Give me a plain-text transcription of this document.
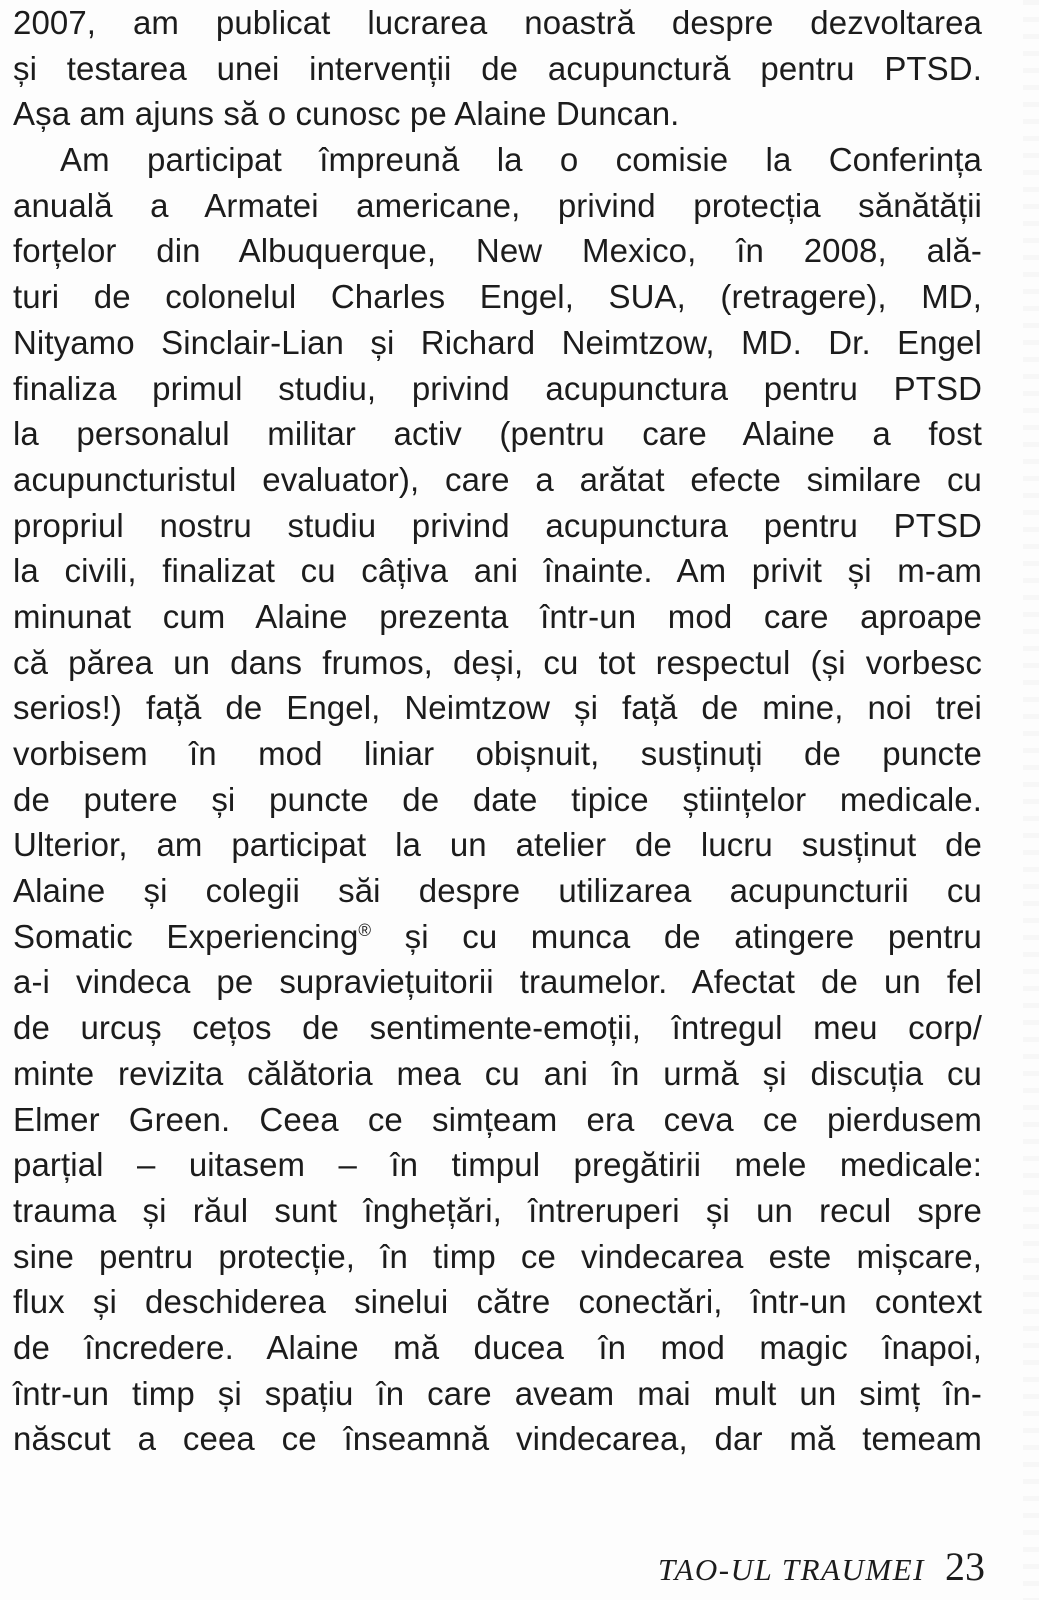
2007, am publicat lucrarea noastră despre dezvoltarea
și testarea unei intervenții de acupunctură pentru PTSD.
Așa am ajuns să o cunosc pe Alaine Duncan.
Am participat împreună la o comisie la Conferința
anuală a Armatei americane, privind protecția sănătății
forțelor din Albuquerque, New Mexico, în 2008, ală-
turi de colonelul Charles Engel, SUA, (retragere), MD,
Nityamo Sinclair-Lian și Richard Neimtzow, MD. Dr. Engel
finaliza primul studiu, privind acupunctura pentru PTSD
la personalul militar activ (pentru care Alaine a fost
acupuncturistul evaluator), care a arătat efecte similare cu
propriul nostru studiu privind acupunctura pentru PTSD
la civili, finalizat cu câțiva ani înainte. Am privit și m-am
minunat cum Alaine prezenta într-un mod care aproape
că părea un dans frumos, deși, cu tot respectul (și vorbesc
serios!) față de Engel, Neimtzow și față de mine, noi trei
vorbisem în mod liniar obișnuit, susținuți de puncte
de putere și puncte de date tipice științelor medicale.
Ulterior, am participat la un atelier de lucru susținut de
Alaine și colegii săi despre utilizarea acupuncturii cu
Somatic Experiencing® și cu munca de atingere pentru
a-i vindeca pe supraviețuitorii traumelor. Afectat de un fel
de urcuș cețos de sentimente-emoții, întregul meu corp/
minte revizita călătoria mea cu ani în urmă și discuția cu
Elmer Green. Ceea ce simțeam era ceva ce pierdusem
parțial – uitasem – în timpul pregătirii mele medicale:
trauma și răul sunt înghețări, întreruperi și un recul spre
sine pentru protecție, în timp ce vindecarea este mișcare,
flux și deschiderea sinelui către conectări, într-un context
de încredere. Alaine mă ducea în mod magic înapoi,
într-un timp și spațiu în care aveam mai mult un simț în-
născut a ceea ce înseamnă vindecarea, dar mă temeam
TAO-UL TRAUMEI 23
